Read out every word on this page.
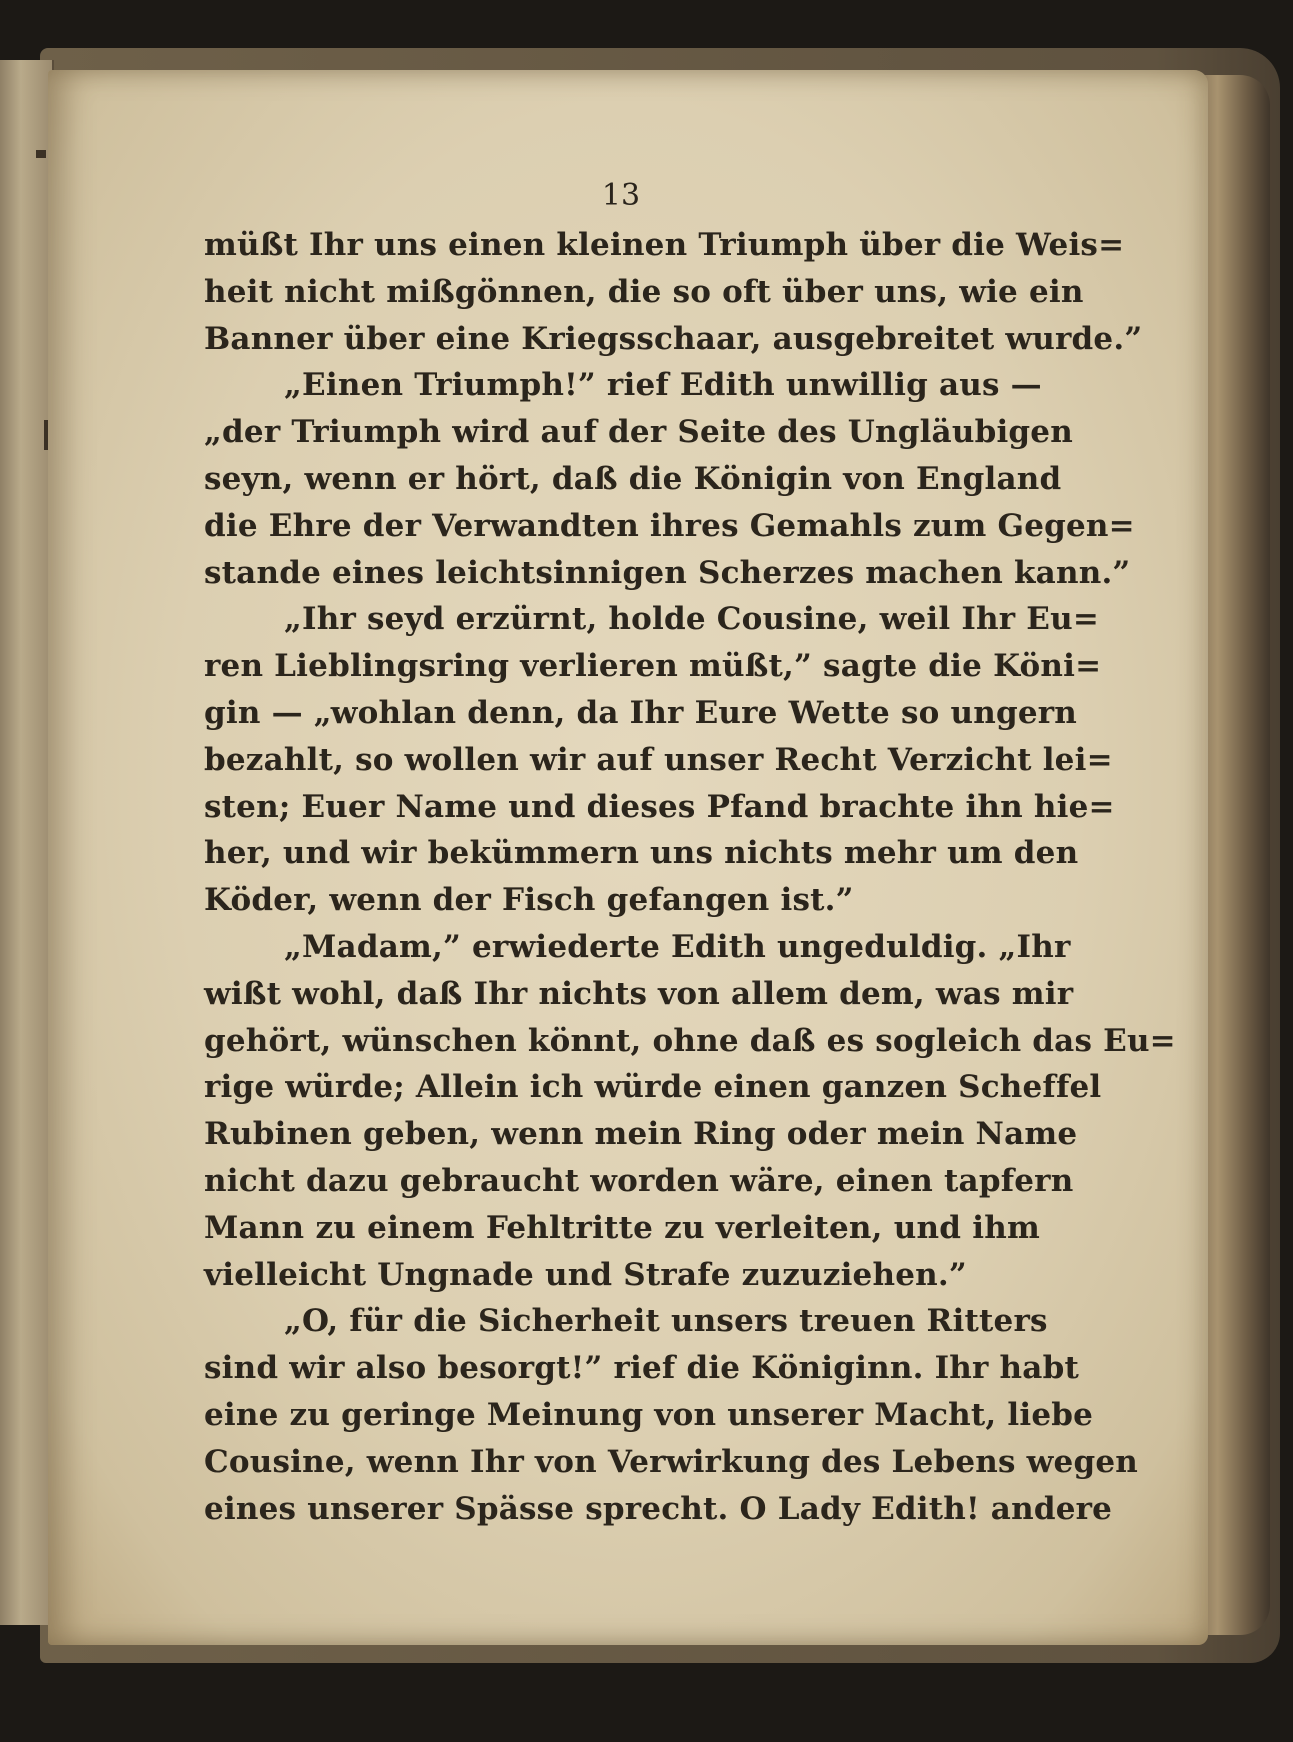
13
müßt Ihr uns einen kleinen Triumph über die Weis=
heit nicht mißgönnen, die so oft über uns, wie ein
Banner über eine Kriegsschaar, ausgebreitet wurde.”
„Einen Triumph!” rief Edith unwillig aus —
„der Triumph wird auf der Seite des Ungläubigen
seyn, wenn er hört, daß die Königin von England
die Ehre der Verwandten ihres Gemahls zum Gegen=
stande eines leichtsinnigen Scherzes machen kann.”
„Ihr seyd erzürnt, holde Cousine, weil Ihr Eu=
ren Lieblingsring verlieren müßt,” sagte die Köni=
gin — „wohlan denn, da Ihr Eure Wette so ungern
bezahlt, so wollen wir auf unser Recht Verzicht lei=
sten; Euer Name und dieses Pfand brachte ihn hie=
her, und wir bekümmern uns nichts mehr um den
Köder, wenn der Fisch gefangen ist.”
„Madam,” erwiederte Edith ungeduldig. „Ihr
wißt wohl, daß Ihr nichts von allem dem, was mir
gehört, wünschen könnt, ohne daß es sogleich das Eu=
rige würde; Allein ich würde einen ganzen Scheffel
Rubinen geben, wenn mein Ring oder mein Name
nicht dazu gebraucht worden wäre, einen tapfern
Mann zu einem Fehltritte zu verleiten, und ihm
vielleicht Ungnade und Strafe zuzuziehen.”
„O, für die Sicherheit unsers treuen Ritters
sind wir also besorgt!” rief die Königinn. Ihr habt
eine zu geringe Meinung von unserer Macht, liebe
Cousine, wenn Ihr von Verwirkung des Lebens wegen
eines unserer Spässe sprecht. O Lady Edith! andere
